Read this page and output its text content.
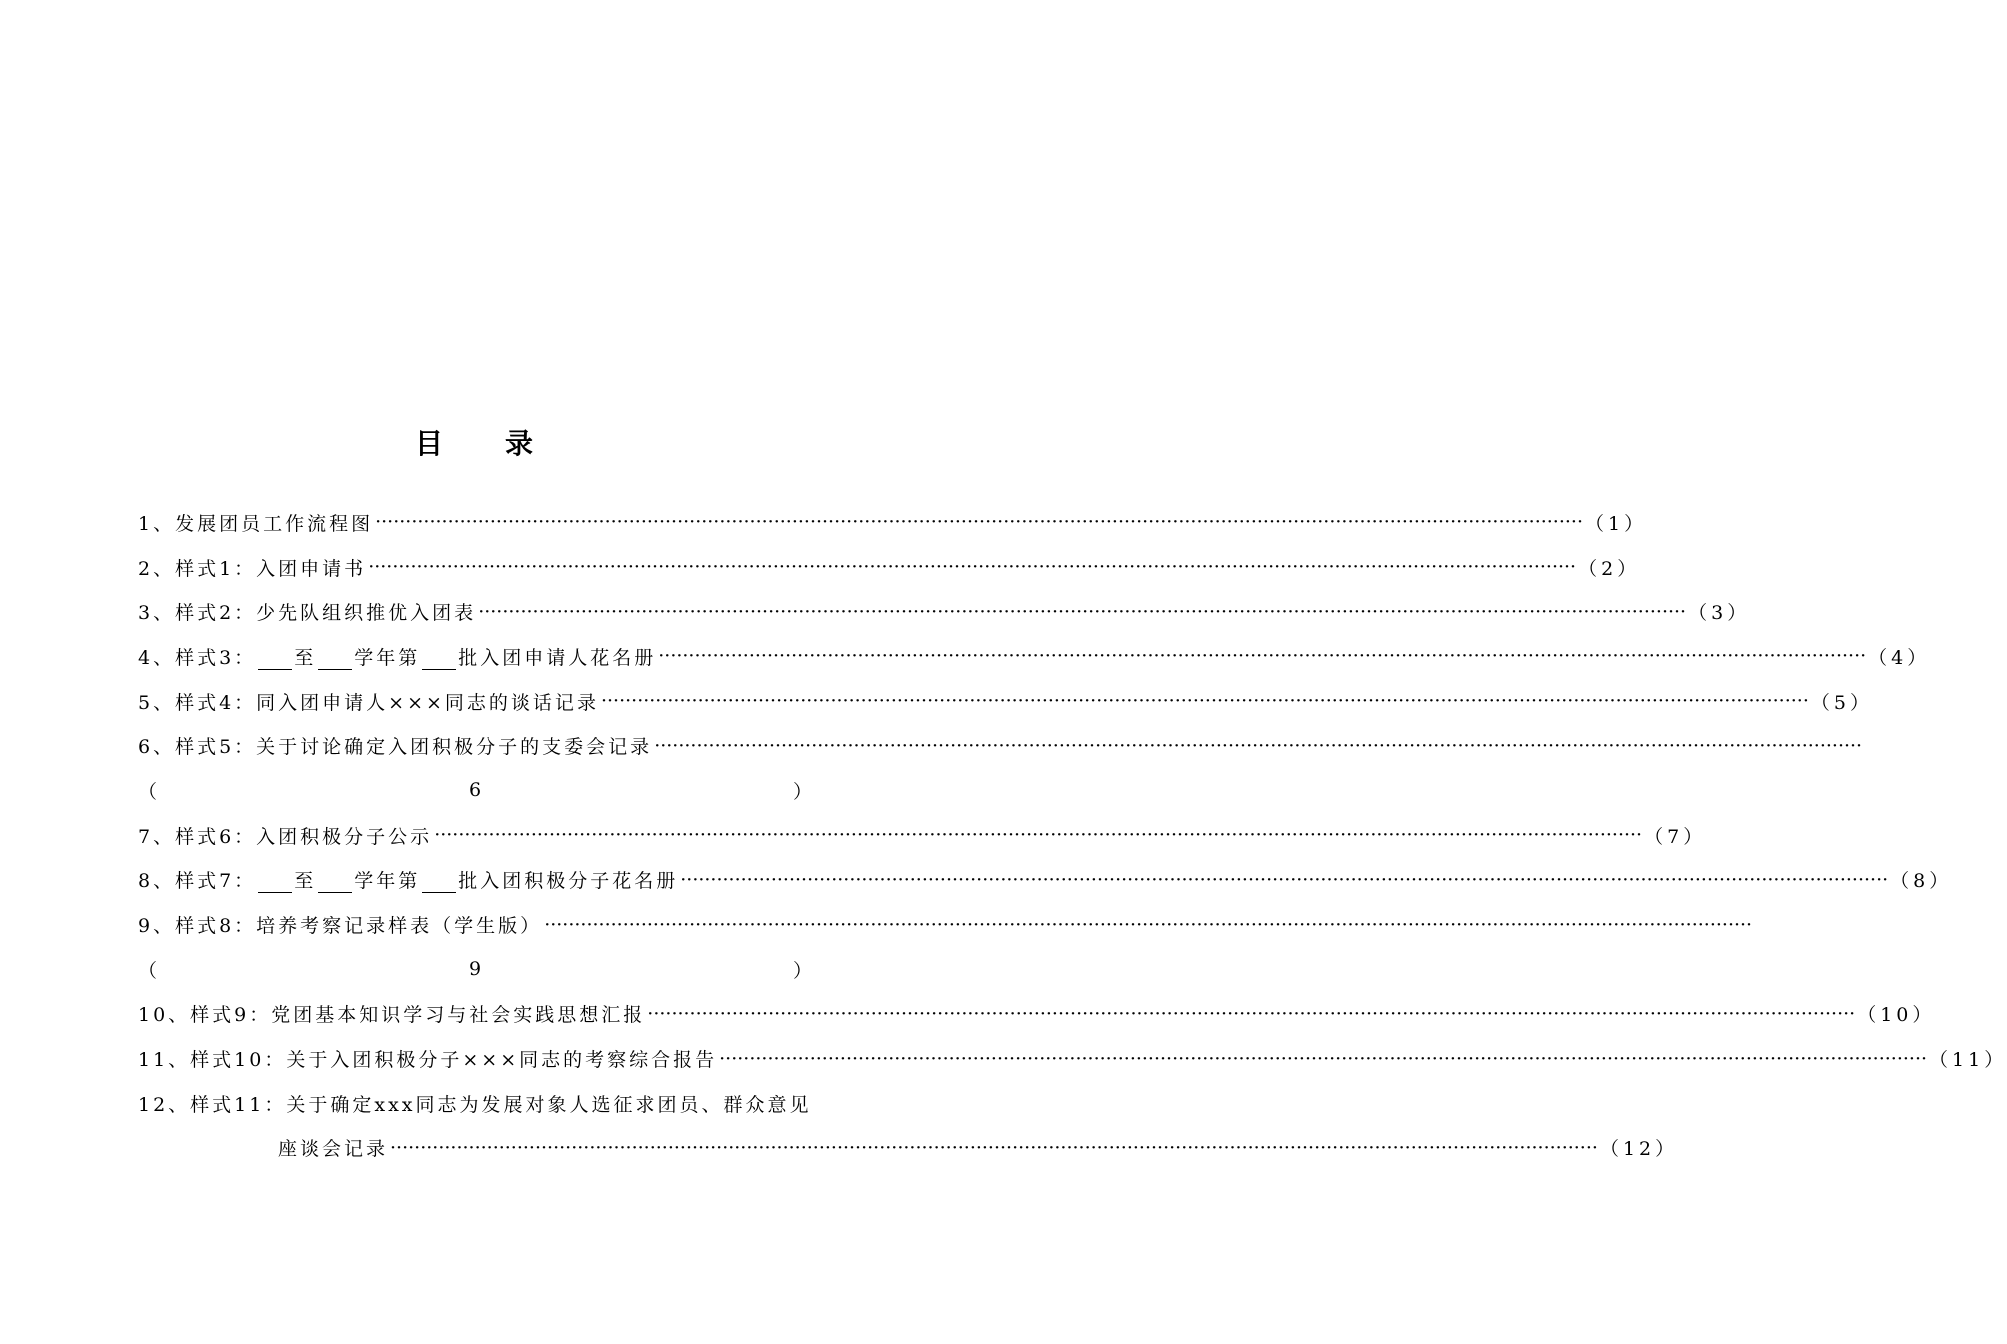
目 录
1、发展团员工作流程图 ········································································································································································································ （1）
2、样式1：入团申请书 ········································································································································································································ （2）
3、样式2：少先队组织推优入团表 ········································································································································································································ （3）
4、样式3： 至 学年第 批入团申请人花名册 ········································································································································································································ （4）
5、样式4：同入团申请人×××同志的谈话记录 ········································································································································································································ （5）
6、样式5：关于讨论确定入团积极分子的支委会记录 ········································································································································································································
（	6	）
7、样式6：入团积极分子公示 ········································································································································································································ （7）
8、样式7： 至 学年第 批入团积极分子花名册 ········································································································································································································ （8）
9、样式8：培养考察记录样表（学生版） ········································································································································································································
（	9	）
10、样式9：党团基本知识学习与社会实践思想汇报 ········································································································································································································ （10）
11、样式10：关于入团积极分子×××同志的考察综合报告 ········································································································································································································ （11）
12、样式11：关于确定xxx同志为发展对象人选征求团员、群众意见
座谈会记录 ········································································································································································································ （12）
